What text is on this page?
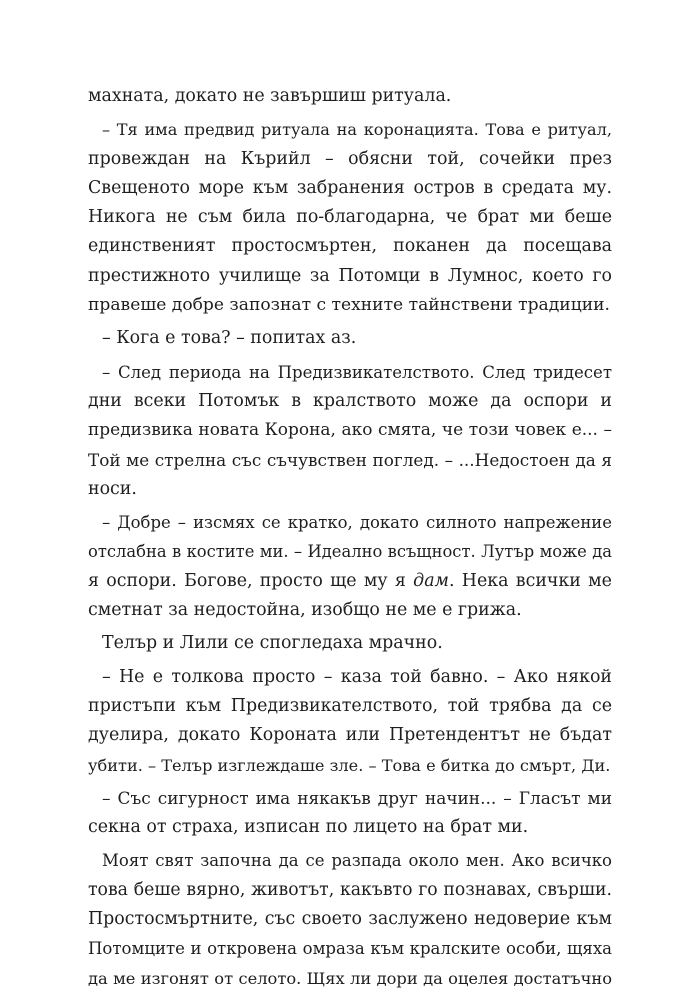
махната, докато не завършиш ритуала.
– Тя има предвид ритуала на коронацията. Това е ритуал,
провеждан на Кърийл – обясни той, сочейки през
Свещеното море към забранения остров в средата му.
Никога не съм била по-благодарна, че брат ми беше
единственият простосмъртен, поканен да посещава
престижното училище за Потомци в Лумнос, което го
правеше добре запознат с техните тайнствени традиции.
– Кога е това? – попитах аз.
– След периода на Предизвикателството. След тридесет
дни всеки Потомък в кралството може да оспори и
предизвика новата Корона, ако смята, че този човек е... –
Той ме стрелна със съчувствен поглед. – ...Недостоен да я
носи.
– Добре – изсмях се кратко, докато силното напрежение
отслабна в костите ми. – Идеално всъщност. Лутър може да
я оспори. Богове, просто ще му я дам. Нека всички ме
сметнат за недостойна, изобщо не ме е грижа.
Телър и Лили се спогледаха мрачно.
– Не е толкова просто – каза той бавно. – Ако някой
пристъпи към Предизвикателството, той трябва да се
дуелира, докато Короната или Претендентът не бъдат
убити. – Телър изглеждаше зле. – Това е битка до смърт, Ди.
– Със сигурност има някакъв друг начин... – Гласът ми
секна от страха, изписан по лицето на брат ми.
Моят свят започна да се разпада около мен. Ако всичко
това беше вярно, животът, какъвто го познавах, свърши.
Простосмъртните, със своето заслужено недоверие към
Потомците и откровена омраза към кралските особи, щяха
да ме изгонят от селото. Щях ли дори да оцелея достатъчно
